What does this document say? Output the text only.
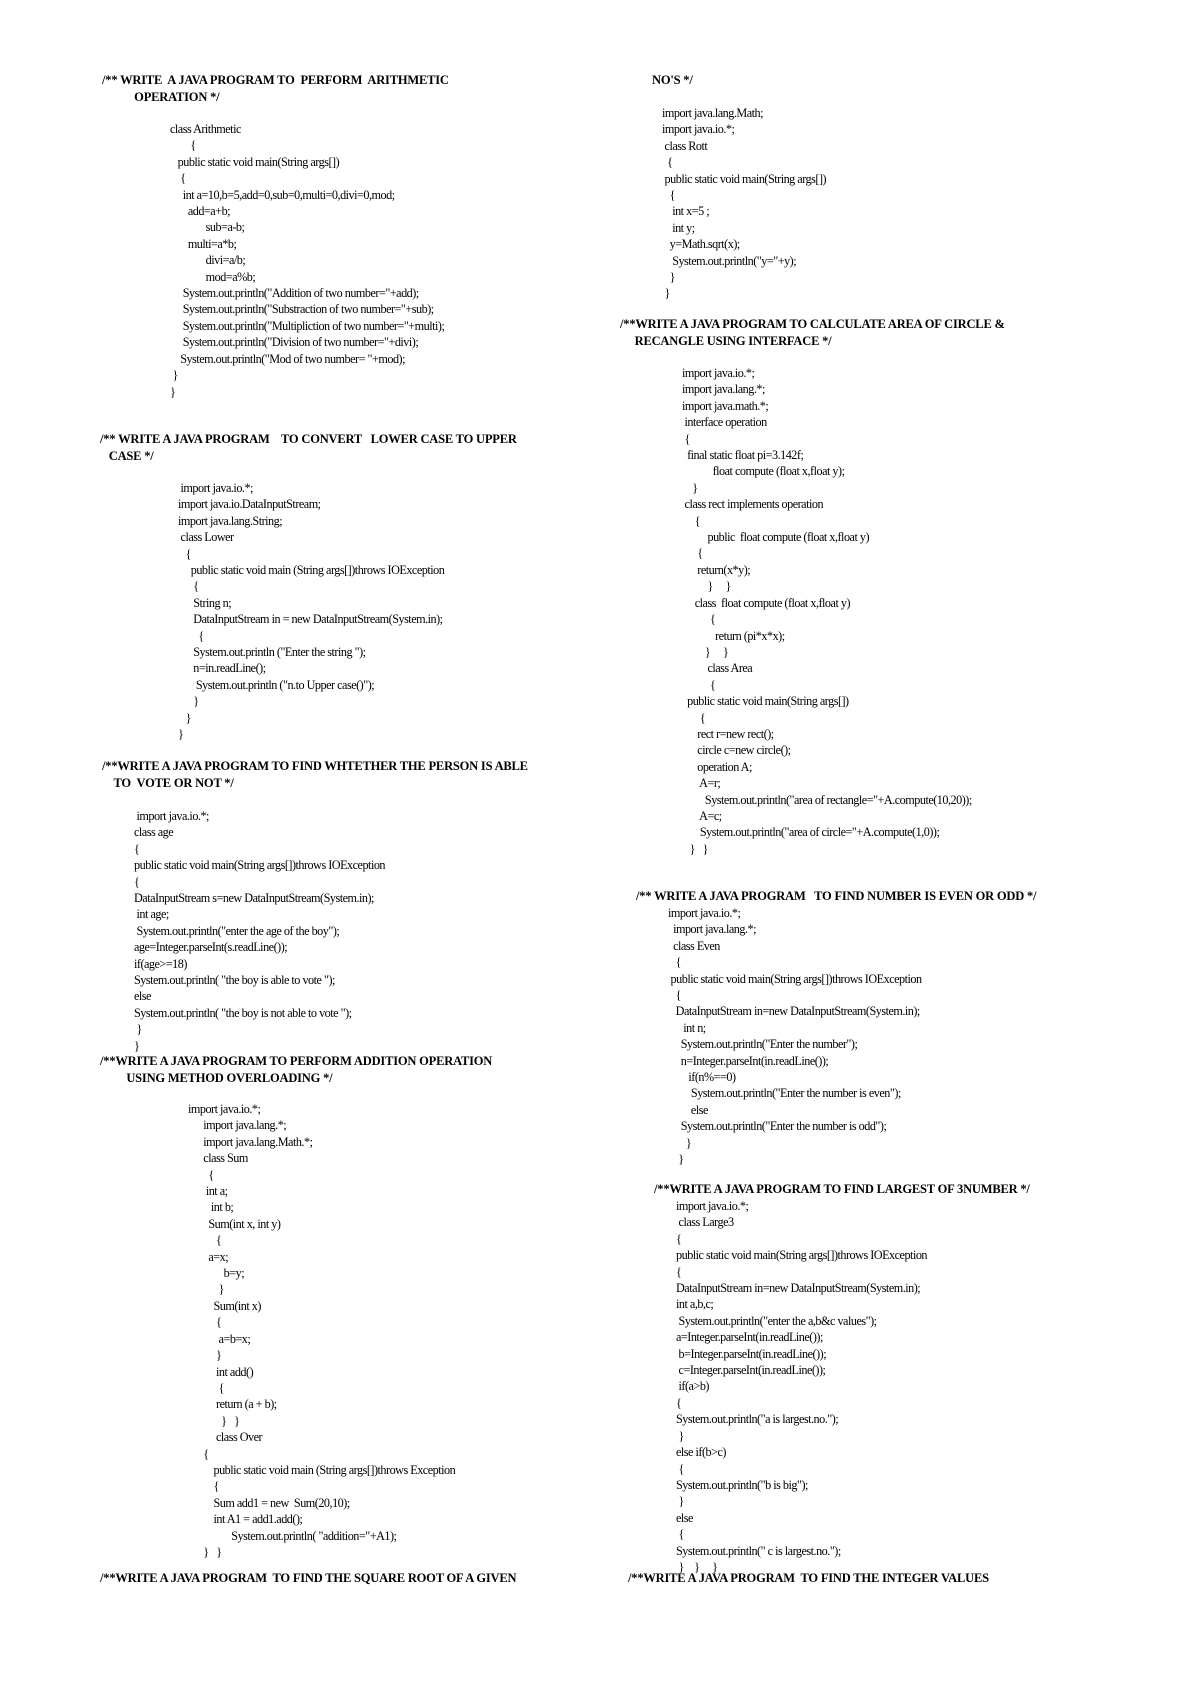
/** WRITE  A JAVA PROGRAM TO  PERFORM  ARITHMETIC
OPERATION */
class Arithmetic
{
public static void main(String args[])
{
int a=10,b=5,add=0,sub=0,multi=0,divi=0,mod;
add=a+b;
sub=a-b;
multi=a*b;
divi=a/b;
mod=a%b;
System.out.println("Addition of two number="+add);
System.out.println("Substraction of two number="+sub);
System.out.println("Multipliction of two number="+multi);
System.out.println("Division of two number="+divi);
System.out.println("Mod of two number= "+mod);
}
}
/** WRITE A JAVA PROGRAM    TO CONVERT   LOWER CASE TO UPPER
CASE */
import java.io.*;
import java.io.DataInputStream;
import java.lang.String;
class Lower
{
public static void main (String args[])throws IOException
{
String n;
DataInputStream in = new DataInputStream(System.in);
{
System.out.println ("Enter the string ");
n=in.readLine();
System.out.println ("n.to Upper case()");
}
}
}
/**WRITE A JAVA PROGRAM TO FIND WHTETHER THE PERSON IS ABLE
TO  VOTE OR NOT */
import java.io.*;
class age
{
public static void main(String args[])throws IOException
{
DataInputStream s=new DataInputStream(System.in);
int age;
System.out.println("enter the age of the boy");
age=Integer.parseInt(s.readLine());
if(age>=18)
System.out.println( "the boy is able to vote ");
else
System.out.println( "the boy is not able to vote ");
}
}
/**WRITE A JAVA PROGRAM TO PERFORM ADDITION OPERATION
USING METHOD OVERLOADING */
import java.io.*;
import java.lang.*;
import java.lang.Math.*;
class Sum
{
int a;
int b;
Sum(int x, int y)
{
a=x;
b=y;
}
Sum(int x)
{
a=b=x;
}
int add()
{
return (a + b);
}   }
class Over
{
public static void main (String args[])throws Exception
{
Sum add1 = new  Sum(20,10);
int A1 = add1.add();
System.out.println( "addition="+A1);
}   }
/**WRITE A JAVA PROGRAM  TO FIND THE SQUARE ROOT OF A GIVEN
NO'S */
import java.lang.Math;
import java.io.*;
class Rott
{
public static void main(String args[])
{
int x=5 ;
int y;
y=Math.sqrt(x);
System.out.println("y="+y);
}
}
/**WRITE A JAVA PROGRAM TO CALCULATE AREA OF CIRCLE &
RECANGLE USING INTERFACE */
import java.io.*;
import java.lang.*;
import java.math.*;
interface operation
{
final static float pi=3.142f;
float compute (float x,float y);
}
class rect implements operation
{
public  float compute (float x,float y)
{
return(x*y);
}     }
class  float compute (float x,float y)
{
return (pi*x*x);
}     }
class Area
{
public static void main(String args[])
{
rect r=new rect();
circle c=new circle();
operation A;
A=r;
System.out.println("area of rectangle="+A.compute(10,20));
A=c;
System.out.println("area of circle="+A.compute(1,0));
}   }
/** WRITE A JAVA PROGRAM   TO FIND NUMBER IS EVEN OR ODD */
import java.io.*;
import java.lang.*;
class Even
{
public static void main(String args[])throws IOException
{
DataInputStream in=new DataInputStream(System.in);
int n;
System.out.println("Enter the number");
n=Integer.parseInt(in.readLine());
if(n%==0)
System.out.println("Enter the number is even");
else
System.out.println("Enter the number is odd");
}
}
/**WRITE A JAVA PROGRAM TO FIND LARGEST OF 3NUMBER */
import java.io.*;
class Large3
{
public static void main(String args[])throws IOException
{
DataInputStream in=new DataInputStream(System.in);
int a,b,c;
System.out.println("enter the a,b&c values");
a=Integer.parseInt(in.readLine());
b=Integer.parseInt(in.readLine());
c=Integer.parseInt(in.readLine());
if(a>b)
{
System.out.println("a is largest.no.");
}
else if(b>c)
{
System.out.println("b is big");
}
else
{
System.out.println(" c is largest.no.");
}    }     }
/**WRITE A JAVA PROGRAM  TO FIND THE INTEGER VALUES
